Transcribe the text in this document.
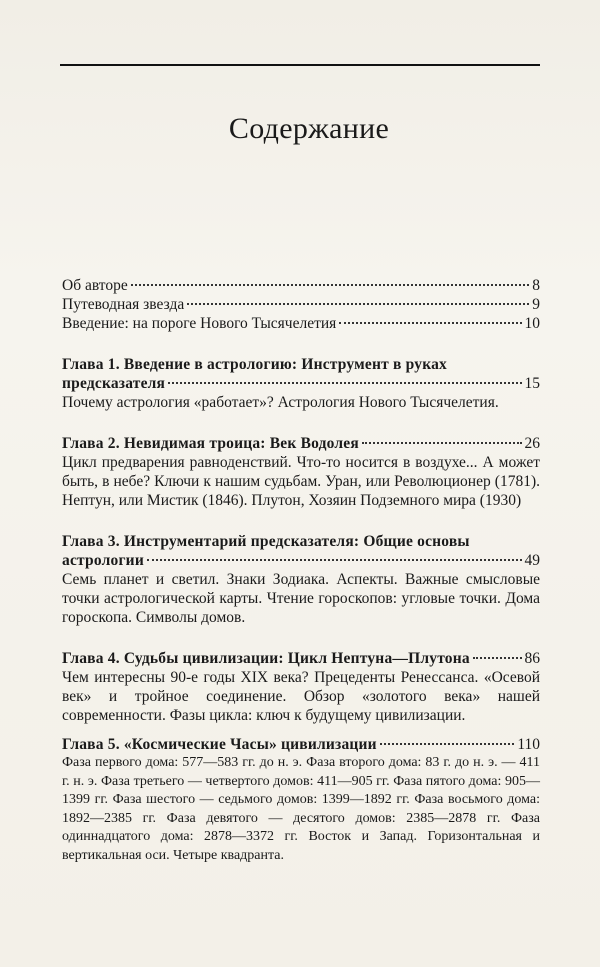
Содержание
Об авторе	8
Путеводная звезда	9
Введение: на пороге Нового Тысячелетия	10
Глава 1. Введение в астрологию: Инструмент в руках
предсказателя	15
Почему астрология «работает»? Астрология Нового Тысячелетия.
Глава 2. Невидимая троица: Век Водолея	26
Цикл предварения равноденствий. Что-то носится в воздухе... А может быть, в небе? Ключи к нашим судьбам. Уран, или Революционер (1781). Нептун, или Мистик (1846). Плутон, Хозяин Подземного мира (1930)
Глава 3. Инструментарий предсказателя: Общие основы
астрологии	49
Семь планет и светил. Знаки Зодиака. Аспекты. Важные смысловые точки астрологической карты. Чтение гороскопов: угловые точки. Дома гороскопа. Символы домов.
Глава 4. Судьбы цивилизации: Цикл Нептуна—Плутона	86
Чем интересны 90-е годы XIX века? Прецеденты Ренессанса. «Осевой век» и тройное соединение. Обзор «золотого века» нашей современности. Фазы цикла: ключ к будущему цивилизации.
Глава 5. «Космические Часы» цивилизации	110
Фаза первого дома: 577—583 гг. до н. э. Фаза второго дома: 83 г. до н. э. — 411 г. н. э. Фаза третьего — четвертого домов: 411—905 гг. Фаза пятого дома: 905—1399 гг. Фаза шестого — седьмого домов: 1399—1892 гг. Фаза восьмого дома: 1892—2385 гг. Фаза девятого — десятого домов: 2385—2878 гг. Фаза одиннадцатого дома: 2878—3372 гг. Восток и Запад. Горизонтальная и вертикальная оси. Четыре квадранта.
